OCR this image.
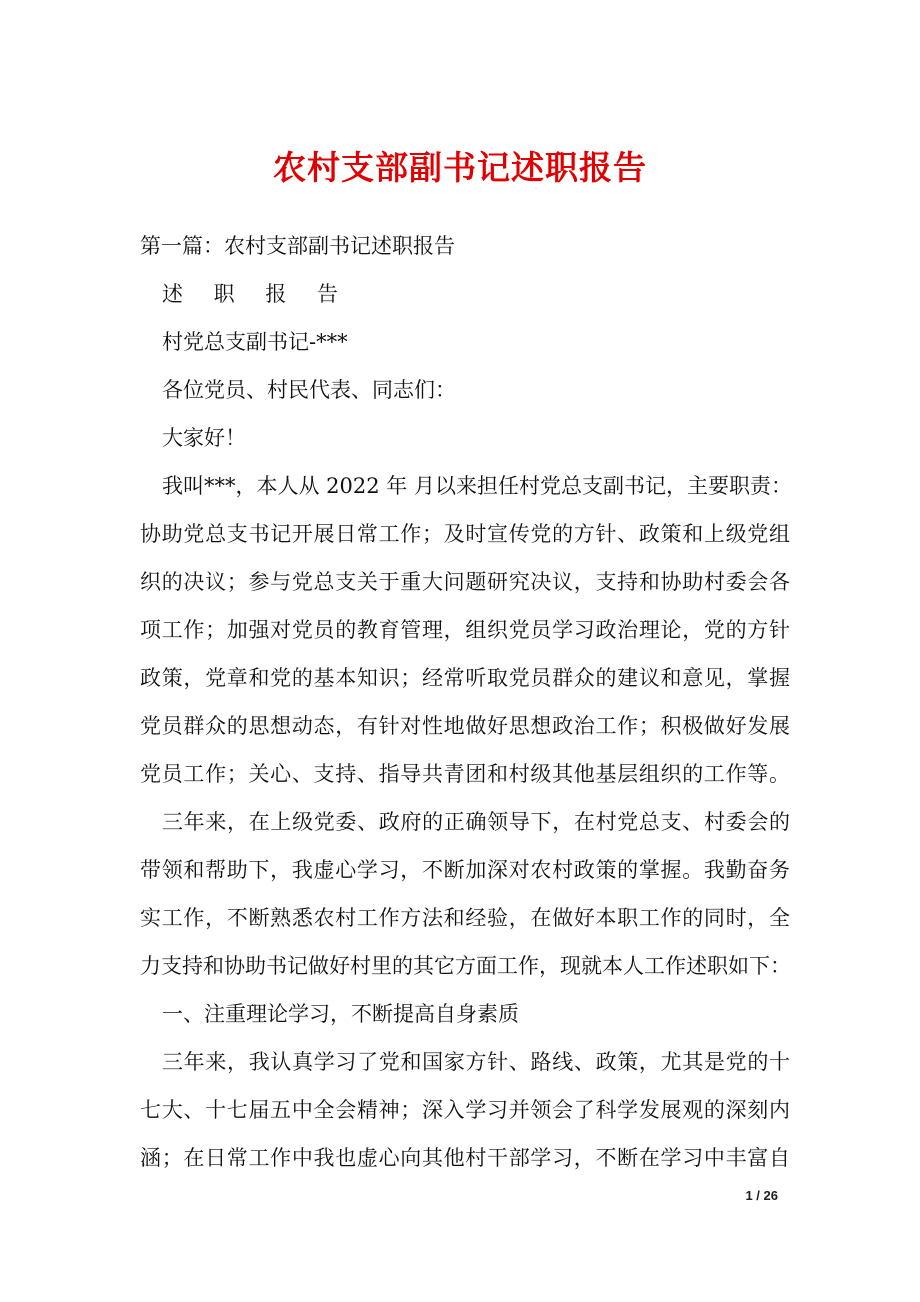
农村支部副书记述职报告
第一篇：农村支部副书记述职报告
述 职 报 告
村党总支副书记-***
各位党员、村民代表、同志们：
大家好！
我叫***，本人从 2022 年 月以来担任村党总支副书记，主要职责：
协助党总支书记开展日常工作；及时宣传党的方针、政策和上级党组
织的决议；参与党总支关于重大问题研究决议，支持和协助村委会各
项工作；加强对党员的教育管理，组织党员学习政治理论，党的方针
政策，党章和党的基本知识；经常听取党员群众的建议和意见，掌握
党员群众的思想动态，有针对性地做好思想政治工作；积极做好发展
党员工作；关心、支持、指导共青团和村级其他基层组织的工作等。
三年来，在上级党委、政府的正确领导下，在村党总支、村委会的
带领和帮助下，我虚心学习，不断加深对农村政策的掌握。我勤奋务
实工作，不断熟悉农村工作方法和经验，在做好本职工作的同时，全
力支持和协助书记做好村里的其它方面工作，现就本人工作述职如下：
一、注重理论学习，不断提高自身素质
三年来，我认真学习了党和国家方针、路线、政策，尤其是党的十
七大、十七届五中全会精神；深入学习并领会了科学发展观的深刻内
涵；在日常工作中我也虚心向其他村干部学习，不断在学习中丰富自
1 / 26
